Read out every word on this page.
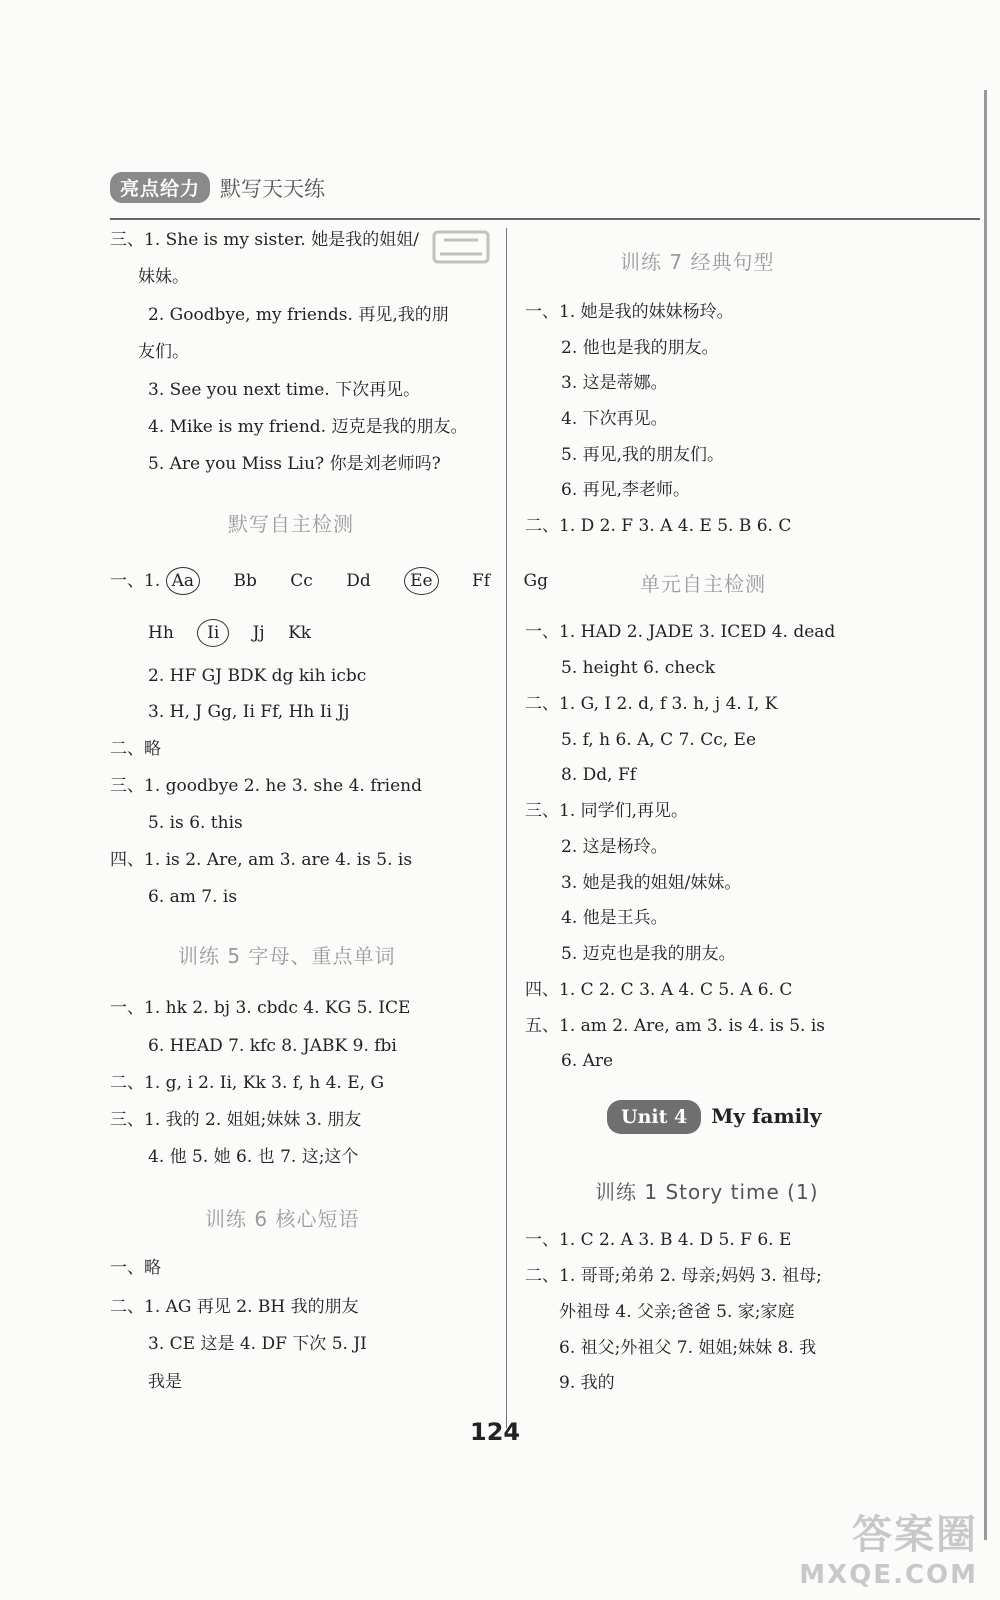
亮点给力 默写天天练
三、1. She is my sister. 她是我的姐姐/
妹妹。
2. Goodbye, my friends. 再见,我的朋
友们。
3. See you next time. 下次再见。
4. Mike is my friend. 迈克是我的朋友。
5. Are you Miss Liu? 你是刘老师吗?
默写自主检测
一、1. Aa Bb Cc Dd Ee Ff Gg
Hh Ii Jj Kk
2. HF GJ BDK dg kih icbc
3. H, J Gg, Ii Ff, Hh Ii Jj
二、略
三、1. goodbye 2. he 3. she 4. friend
5. is 6. this
四、1. is 2. Are, am 3. are 4. is 5. is
6. am 7. is
训练 5 字母、重点单词
一、1. hk 2. bj 3. cbdc 4. KG 5. ICE
6. HEAD 7. kfc 8. JABK 9. fbi
二、1. g, i 2. Ii, Kk 3. f, h 4. E, G
三、1. 我的 2. 姐姐;妹妹 3. 朋友
4. 他 5. 她 6. 也 7. 这;这个
训练 6 核心短语
一、略
二、1. AG 再见 2. BH 我的朋友
3. CE 这是 4. DF 下次 5. JI
我是
训练 7 经典句型
一、1. 她是我的妹妹杨玲。
2. 他也是我的朋友。
3. 这是蒂娜。
4. 下次再见。
5. 再见,我的朋友们。
6. 再见,李老师。
二、1. D 2. F 3. A 4. E 5. B 6. C
单元自主检测
一、1. HAD 2. JADE 3. ICED 4. dead
5. height 6. check
二、1. G, I 2. d, f 3. h, j 4. I, K
5. f, h 6. A, C 7. Cc, Ee
8. Dd, Ff
三、1. 同学们,再见。
2. 这是杨玲。
3. 她是我的姐姐/妹妹。
4. 他是王兵。
5. 迈克也是我的朋友。
四、1. C 2. C 3. A 4. C 5. A 6. C
五、1. am 2. Are, am 3. is 4. is 5. is
6. Are
Unit 4 My family
训练 1 Story time (1)
一、1. C 2. A 3. B 4. D 5. F 6. E
二、1. 哥哥;弟弟 2. 母亲;妈妈 3. 祖母;
外祖母 4. 父亲;爸爸 5. 家;家庭
6. 祖父;外祖父 7. 姐姐;妹妹 8. 我
9. 我的
124
答案圈
MXQE.COM
